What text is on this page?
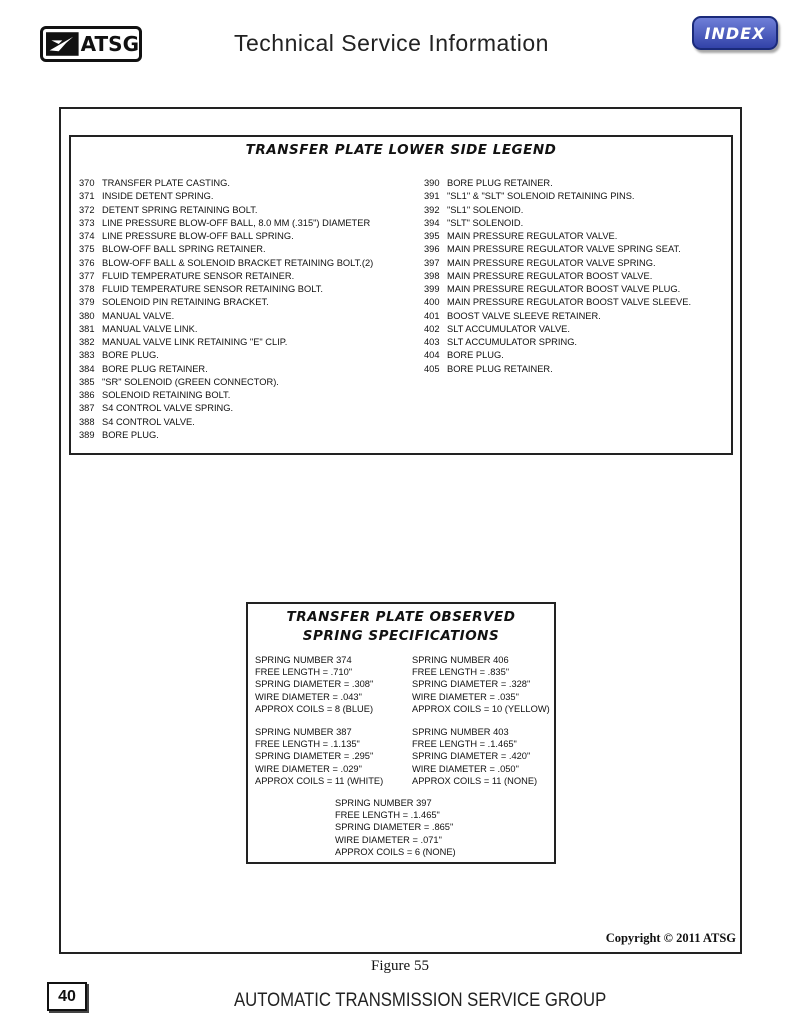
ATSG	Technical Service Information	INDEX
TRANSFER PLATE LOWER SIDE LEGEND
370 TRANSFER PLATE CASTING.
371 INSIDE DETENT SPRING.
372 DETENT SPRING RETAINING BOLT.
373 LINE PRESSURE BLOW-OFF BALL, 8.0 MM (.315") DIAMETER
374 LINE PRESSURE BLOW-OFF BALL SPRING.
375 BLOW-OFF BALL SPRING RETAINER.
376 BLOW-OFF BALL & SOLENOID BRACKET RETAINING BOLT.(2)
377 FLUID TEMPERATURE SENSOR RETAINER.
378 FLUID TEMPERATURE SENSOR RETAINING BOLT.
379 SOLENOID PIN RETAINING BRACKET.
380 MANUAL VALVE.
381 MANUAL VALVE LINK.
382 MANUAL VALVE LINK RETAINING "E" CLIP.
383 BORE PLUG.
384 BORE PLUG RETAINER.
385 "SR" SOLENOID (GREEN CONNECTOR).
386 SOLENOID RETAINING BOLT.
387 S4 CONTROL VALVE SPRING.
388 S4 CONTROL VALVE.
389 BORE PLUG.
390 BORE PLUG RETAINER.
391 "SL1" & "SLT" SOLENOID RETAINING PINS.
392 "SL1" SOLENOID.
394 "SLT" SOLENOID.
395 MAIN PRESSURE REGULATOR VALVE.
396 MAIN PRESSURE REGULATOR VALVE SPRING SEAT.
397 MAIN PRESSURE REGULATOR VALVE SPRING.
398 MAIN PRESSURE REGULATOR BOOST VALVE.
399 MAIN PRESSURE REGULATOR BOOST VALVE PLUG.
400 MAIN PRESSURE REGULATOR BOOST VALVE SLEEVE.
401 BOOST VALVE SLEEVE RETAINER.
402 SLT ACCUMULATOR VALVE.
403 SLT ACCUMULATOR SPRING.
404 BORE PLUG.
405 BORE PLUG RETAINER.
TRANSFER PLATE OBSERVED
SPRING SPECIFICATIONS
SPRING NUMBER 374
FREE LENGTH = .710"
SPRING DIAMETER = .308"
WIRE DIAMETER = .043"
APPROX COILS = 8 (BLUE)
SPRING NUMBER 406
FREE LENGTH = .835"
SPRING DIAMETER = .328"
WIRE DIAMETER = .035"
APPROX COILS = 10 (YELLOW)
SPRING NUMBER 387
FREE LENGTH = .1.135"
SPRING DIAMETER = .295"
WIRE DIAMETER = .029"
APPROX COILS = 11 (WHITE)
SPRING NUMBER 403
FREE LENGTH = .1.465"
SPRING DIAMETER = .420"
WIRE DIAMETER = .050"
APPROX COILS = 11 (NONE)
SPRING NUMBER 397
FREE LENGTH = .1.465"
SPRING DIAMETER = .865"
WIRE DIAMETER = .071"
APPROX COILS = 6 (NONE)
Copyright © 2011 ATSG
Figure 55
40	AUTOMATIC TRANSMISSION SERVICE GROUP
